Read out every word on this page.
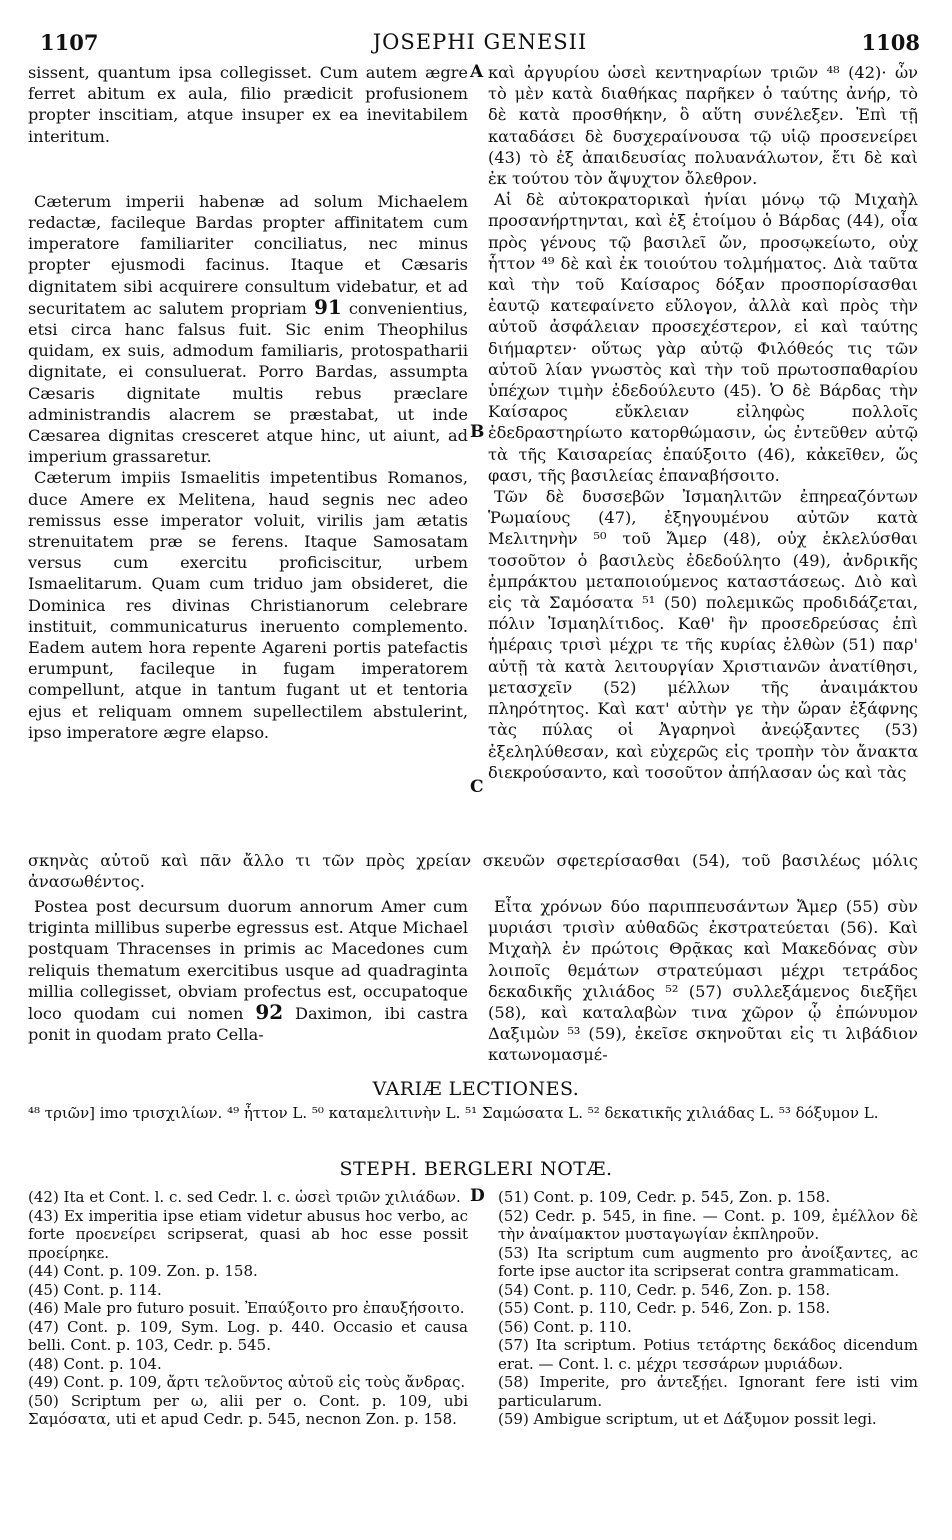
1107	JOSEPHI GENESII	1108

sissent, quantum ipsa collegisset. Cum autem ægre ferret abitum ex aula, filio prædicit profusionem propter inscitiam, atque insuper ex ea inevitabilem interitum.

Cæterum imperii habenæ ad solum Michaelem redactæ, facileque Bardas propter affinitatem cum imperatore familiariter conciliatus, nec minus propter ejusmodi facinus. Itaque et Cæsaris dignitatem sibi acquirere consultum videbatur, et ad securitatem ac salutem propriam 91 convenientius, etsi circa hanc falsus fuit. Sic enim Theophilus quidam, ex suis, admodum familiaris, protospatharii dignitate, ei consuluerat. Porro Bardas, assumpta Cæsaris dignitate multis rebus præclare administrandis alacrem se præstabat, ut inde Cæsarea dignitas cresceret atque hinc, ut aiunt, ad imperium grassaretur.

Cæterum impiis Ismaelitis impetentibus Romanos, duce Amere ex Melitena, haud segnis nec adeo remissus esse imperator voluit, virilis jam ætatis strenuitatem præ se ferens. Itaque Samosatam versus cum exercitu proficiscitur, urbem Ismaelitarum. Quam cum triduo jam obsideret, die Dominica res divinas Christianorum celebrare instituit, communicaturus ineruento complemento. Eadem autem hora repente Agareni portis patefactis erumpunt, facileque in fugam imperatorem compellunt, atque in tantum fugant ut et tentoria ejus et reliquam omnem supellectilem abstulerint, ipso imperatore ægre elapso.

καὶ ἀργυρίου ὡσεὶ κεντηναρίων τριῶν ⁴⁸ (42)· ὧν τὸ μὲν κατὰ διαθήκας παρῆκεν ὁ ταύτης ἀνήρ, τὸ δὲ κατὰ προσθήκην, ὃ αὕτη συνέλεξεν. Ἐπὶ τῇ καταδάσει δὲ δυσχεραίνουσα τῷ υἱῷ προσενείρει (43) τὸ ἐξ ἀπαιδευσίας πολυανάλωτον, ἔτι δὲ καὶ ἐκ τούτου τὸν ἄψυχτον ὄλεθρον.

Αἱ δὲ αὐτοκρατορικαὶ ἡνίαι μόνῳ τῷ Μιχαὴλ προσανήρτηνται, καὶ ἐξ ἑτοίμου ὁ Βάρδας (44), οἷα πρὸς γένους τῷ βασιλεῖ ὤν, προσῳκείωτο, οὐχ ἧττον ⁴⁹ δὲ καὶ ἐκ τοιούτου τολμήματος. Διὰ ταῦτα καὶ τὴν τοῦ Καίσαρος δόξαν προσπορίσασθαι ἑαυτῷ κατεφαίνετο εὔλογον, ἀλλὰ καὶ πρὸς τὴν αὐτοῦ ἀσφάλειαν προσεχέστερον, εἰ καὶ ταύτης διήμαρτεν· οὕτως γὰρ αὐτῷ Φιλόθεός τις τῶν αὐτοῦ λίαν γνωστὸς καὶ τὴν τοῦ πρωτοσπαθαρίου ὑπέχων τιμὴν ἐδεδούλευτο (45). Ὁ δὲ Βάρδας τὴν Καίσαρος εὔκλειαν εἰληφὼς πολλοῖς ἐδεδραστηρίωτο κατορθώμασιν, ὡς ἐντεῦθεν αὐτῷ τὰ τῆς Καισαρείας ἐπαύξοιτο (46), κἀκεῖθεν, ὥς φασι, τῆς βασιλείας ἐπαναβήσοιτο.

Τῶν δὲ δυσσεβῶν Ἰσμαηλιτῶν ἐπηρεαζόντων Ῥωμαίους (47), ἐξηγουμένου αὐτῶν κατὰ Μελιτηνὴν ⁵⁰ τοῦ Ἄμερ (48), οὐχ ἐκλελύσθαι τοσοῦτον ὁ βασιλεὺς ἐδεδούλητο (49), ἀνδρικῆς ἐμπράκτου μεταποιούμενος καταστάσεως. Διὸ καὶ εἰς τὰ Σαμόσατα ⁵¹ (50) πολεμικῶς προδιδάζεται, πόλιν Ἰσμαηλίτιδος. Καθ' ἣν προσεδρεύσας ἐπὶ ἡμέραις τρισὶ μέχρι τε τῆς κυρίας ἐλθὼν (51) παρ' αὐτῇ τὰ κατὰ λειτουργίαν Χριστιανῶν ἀνατίθησι, μετασχεῖν (52) μέλλων τῆς ἀναιμάκτου πληρότητος. Καὶ κατ' αὐτὴν γε τὴν ὥραν ἐξάφνης τὰς πύλας οἱ Ἀγαρηνοὶ ἀνεῴξαντες (53) ἐξεληλύθεσαν, καὶ εὐχερῶς εἰς τροπὴν τὸν ἄνακτα διεκρούσαντο, καὶ τοσοῦτον ἀπήλασαν ὡς καὶ τὰς

A
B
C
σκηνὰς αὐτοῦ καὶ πᾶν ἄλλο τι τῶν πρὸς χρείαν σκευῶν σφετερίσασθαι (54), τοῦ βασιλέως μόλις ἀνασωθέντος.

Postea post decursum duorum annorum Amer cum triginta millibus superbe egressus est. Atque Michael postquam Thracenses in primis ac Macedones cum reliquis thematum exercitibus usque ad quadraginta millia collegisset, obviam profectus est, occupatoque loco quodam cui nomen 92 Daximon, ibi castra ponit in quodam prato Cella-

Εἶτα χρόνων δύο παριππευσάντων Ἄμερ (55) σὺν μυριάσι τρισὶν αὐθαδῶς ἐκστρατεύεται (56). Καὶ Μιχαὴλ ἐν πρώτοις Θρᾷκας καὶ Μακεδόνας σὺν λοιποῖς θεμάτων στρατεύμασι μέχρι τετράδος δεκαδικῆς χιλιάδος ⁵² (57) συλλεξάμενος διεξῆει (58), καὶ καταλαβὼν τινα χῶρον ᾧ ἐπώνυμον Δαξιμὼν ⁵³ (59), ἐκεῖσε σκηνοῦται εἰς τι λιβάδιον κατωνομασμέ-

VARIÆ LECTIONES.
⁴⁸ τριῶν] imo τρισχιλίων. ⁴⁹ ἧττον L. ⁵⁰ καταμελιτινὴν L. ⁵¹ Σαμώσατα L. ⁵² δεκατικῆς χιλιάδας L. ⁵³ δόξυμον L.
STEPH. BERGLERI NOTÆ.
D

(42) Ita et Cont. l. c. sed Cedr. l. c. ὡσεὶ τριῶν χιλιάδων.

(43) Ex imperitia ipse etiam videtur abusus hoc verbo, ac forte προενείρει scripserat, quasi ab hoc esse possit προείρηκε.

(44) Cont. p. 109. Zon. p. 158.

(45) Cont. p. 114.

(46) Male pro futuro posuit. Ἐπαύξοιτο pro ἐπαυξήσοιτο.

(47) Cont. p. 109, Sym. Log. p. 440. Occasio et causa belli. Cont. p. 103, Cedr. p. 545.

(48) Cont. p. 104.

(49) Cont. p. 109, ἄρτι τελοῦντος αὐτοῦ εἰς τοὺς ἄνδρας.

(50) Scriptum per ω, alii per ο. Cont. p. 109, ubi Σαμόσατα, uti et apud Cedr. p. 545, necnon Zon. p. 158.

(51) Cont. p. 109, Cedr. p. 545, Zon. p. 158.

(52) Cedr. p. 545, in fine. — Cont. p. 109, ἐμέλλον δὲ τὴν ἀναίμακτον μυσταγωγίαν ἐκπληροῦν.

(53) Ita scriptum cum augmento pro ἀνοίξαντες, ac forte ipse auctor ita scripserat contra grammaticam.

(54) Cont. p. 110, Cedr. p. 546, Zon. p. 158.

(55) Cont. p. 110, Cedr. p. 546, Zon. p. 158.

(56) Cont. p. 110.

(57) Ita scriptum. Potius τετάρτης δεκάδος dicendum erat. — Cont. l. c. μέχρι τεσσάρων μυριάδων.

(58) Imperite, pro ἀντεξῄει. Ignorant fere isti vim particularum.

(59) Ambigue scriptum, ut et Δάξυμον possit legi.
